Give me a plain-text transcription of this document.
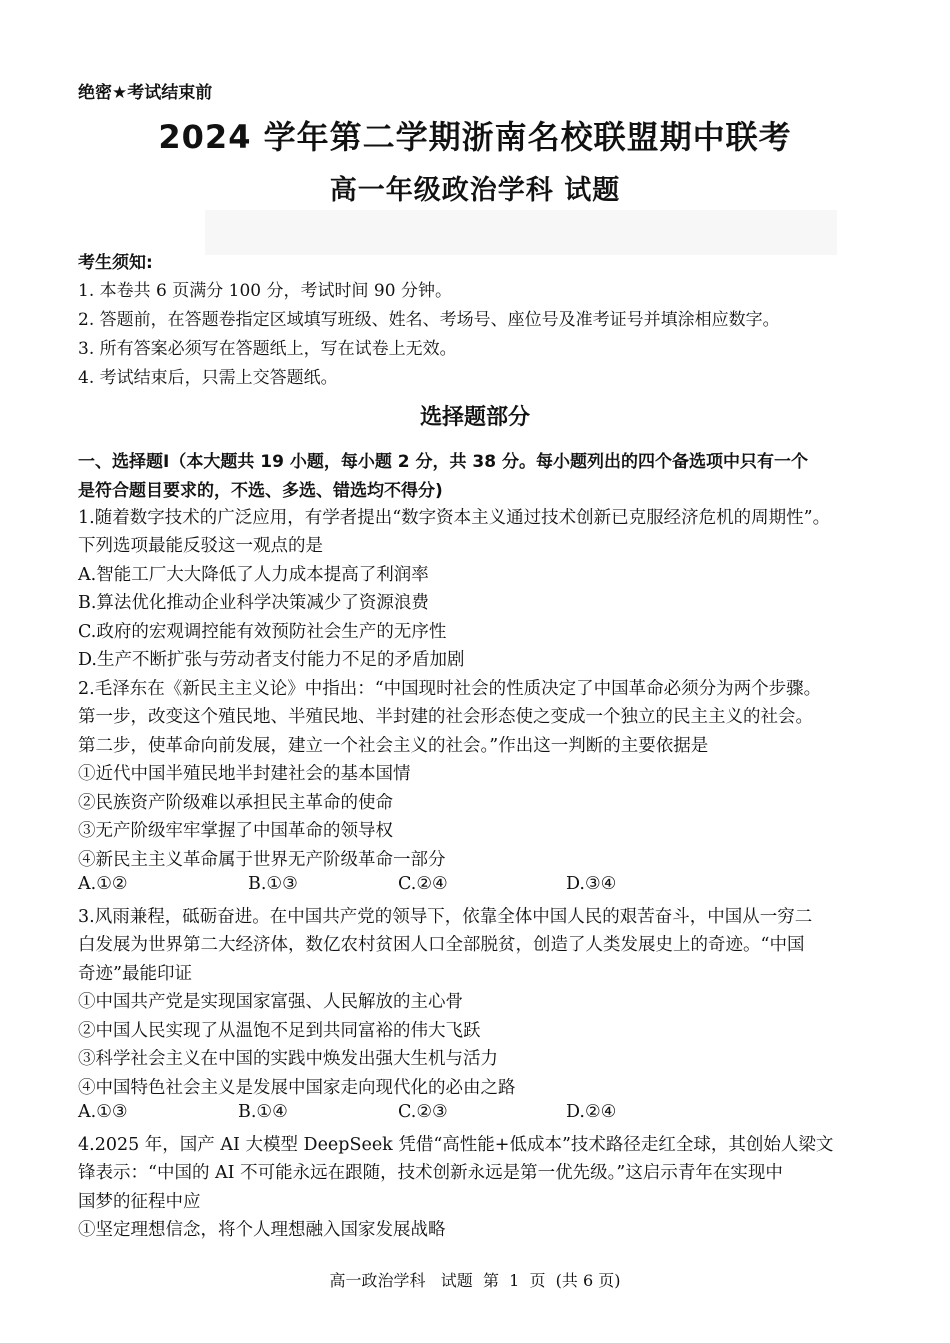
绝密★考试结束前
2024 学年第二学期浙南名校联盟期中联考
高一年级政治学科 试题
考生须知:
1. 本卷共 6 页满分 100 分，考试时间 90 分钟。
2. 答题前，在答题卷指定区域填写班级、姓名、考场号、座位号及准考证号并填涂相应数字。
3. 所有答案必须写在答题纸上，写在试卷上无效。
4. 考试结束后，只需上交答题纸。
选择题部分
一、选择题Ⅰ（本大题共 19 小题，每小题 2 分，共 38 分。每小题列出的四个备选项中只有一个
是符合题目要求的，不选、多选、错选均不得分)
1.随着数字技术的广泛应用，有学者提出“数字资本主义通过技术创新已克服经济危机的周期性”。
下列选项最能反驳这一观点的是
A.智能工厂大大降低了人力成本提高了利润率
B.算法优化推动企业科学决策减少了资源浪费
C.政府的宏观调控能有效预防社会生产的无序性
D.生产不断扩张与劳动者支付能力不足的矛盾加剧
2.毛泽东在《新民主主义论》中指出：“中国现时社会的性质决定了中国革命必须分为两个步骤。
第一步，改变这个殖民地、半殖民地、半封建的社会形态使之变成一个独立的民主主义的社会。
第二步，使革命向前发展，建立一个社会主义的社会。”作出这一判断的主要依据是
①近代中国半殖民地半封建社会的基本国情
②民族资产阶级难以承担民主革命的使命
③无产阶级牢牢掌握了中国革命的领导权
④新民主主义革命属于世界无产阶级革命一部分
A.①②	B.①③	C.②④	D.③④
3.风雨兼程，砥砺奋进。在中国共产党的领导下，依靠全体中国人民的艰苦奋斗，中国从一穷二
白发展为世界第二大经济体，数亿农村贫困人口全部脱贫，创造了人类发展史上的奇迹。“中国
奇迹”最能印证
①中国共产党是实现国家富强、人民解放的主心骨
②中国人民实现了从温饱不足到共同富裕的伟大飞跃
③科学社会主义在中国的实践中焕发出强大生机与活力
④中国特色社会主义是发展中国家走向现代化的必由之路
A.①③	B.①④	C.②③	D.②④
4.2025 年，国产 AI 大模型 DeepSeek 凭借“高性能+低成本”技术路径走红全球，其创始人梁文
锋表示：“中国的 AI 不可能永远在跟随，技术创新永远是第一优先级。”这启示青年在实现中
国梦的征程中应
①坚定理想信念，将个人理想融入国家发展战略
高一政治学科   试题  第  1  页  (共 6 页)
